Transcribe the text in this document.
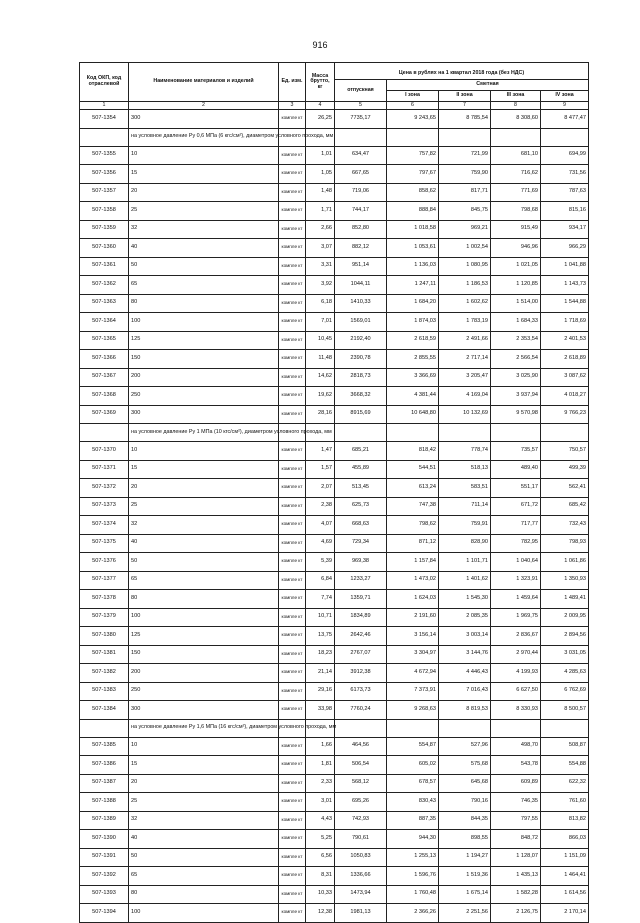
916
Код ОКП, код отраслевой	Наименование материалов и изделий	Ед. изм.	Масса брутто, кг					
				Цена в рублях на 1 квартал 2018 года (без НДС)				
				отпускная	Сметная			
					I зона	II зона	III зона	IV зона
1	2	3	4	5	6	7	8	9
507-1354	300	компле кт	26,25	7735,17	9 243,65	8 785,54	8 308,60	8 477,47
	на условное давление Ру 0,6 МПа (6 кгс/см²), диаметром условного прохода, мм							
507-1355	10	компле кт	1,01	634,47	757,82	721,99	681,10	694,99
507-1356	15	компле кт	1,05	667,65	797,67	759,90	716,62	731,56
507-1357	20	компле кт	1,48	719,06	858,62	817,71	771,69	787,63
507-1358	25	компле кт	1,71	744,17	888,84	845,75	798,68	815,16
507-1359	32	компле кт	2,66	852,80	1 018,58	969,21	915,49	934,17
507-1360	40	компле кт	3,07	882,12	1 053,61	1 002,54	946,96	966,29
507-1361	50	компле кт	3,31	951,14	1 136,03	1 080,95	1 021,05	1 041,88
507-1362	65	компле кт	3,92	1044,11	1 247,11	1 186,53	1 120,85	1 143,73
507-1363	80	компле кт	6,18	1410,33	1 684,20	1 602,62	1 514,00	1 544,88
507-1364	100	компле кт	7,01	1569,01	1 874,03	1 783,19	1 684,33	1 718,69
507-1365	125	компле кт	10,45	2192,40	2 618,59	2 491,66	2 353,54	2 401,53
507-1366	150	компле кт	11,48	2390,78	2 855,55	2 717,14	2 566,54	2 618,89
507-1367	200	компле кт	14,62	2818,73	3 366,69	3 205,47	3 025,90	3 087,62
507-1368	250	компле кт	19,62	3668,32	4 381,44	4 169,04	3 937,94	4 018,27
507-1369	300	компле кт	28,16	8915,69	10 648,80	10 132,69	9 570,98	9 766,23
	на условное давление Ру 1 МПа (10 кгс/см²), диаметром условного прохода, мм							
507-1370	10	компле кт	1,47	685,21	818,42	778,74	735,57	750,57
507-1371	15	компле кт	1,57	455,89	544,51	518,13	489,40	499,39
507-1372	20	компле кт	2,07	513,45	613,24	583,51	551,17	562,41
507-1373	25	компле кт	2,38	625,73	747,38	711,14	671,72	685,42
507-1374	32	компле кт	4,07	668,63	798,62	759,91	717,77	732,43
507-1375	40	компле кт	4,69	729,34	871,12	828,90	782,95	798,93
507-1376	50	компле кт	5,39	969,38	1 157,84	1 101,71	1 040,64	1 061,86
507-1377	65	компле кт	6,84	1233,27	1 473,02	1 401,62	1 323,91	1 350,93
507-1378	80	компле кт	7,74	1359,71	1 624,03	1 545,30	1 459,64	1 489,41
507-1379	100	компле кт	10,71	1834,89	2 191,60	2 085,35	1 969,75	2 009,95
507-1380	125	компле кт	13,75	2642,46	3 156,14	3 003,14	2 836,67	2 894,56
507-1381	150	компле кт	18,23	2767,07	3 304,97	3 144,76	2 970,44	3 031,05
507-1382	200	компле кт	21,14	3912,38	4 672,94	4 446,43	4 199,93	4 285,63
507-1383	250	компле кт	29,16	6173,73	7 373,91	7 016,43	6 627,50	6 762,69
507-1384	300	компле кт	33,98	7760,24	9 268,63	8 819,53	8 330,93	8 500,57
	на условное давление Ру 1,6 МПа (16 кгс/см²), диаметром условного прохода, мм							
507-1385	10	компле кт	1,66	464,56	554,87	527,96	498,70	508,87
507-1386	15	компле кт	1,81	506,54	605,02	575,68	543,78	554,88
507-1387	20	компле кт	2,33	568,12	678,57	645,68	609,89	622,32
507-1388	25	компле кт	3,01	695,26	830,43	790,16	746,35	761,60
507-1389	32	компле кт	4,43	742,93	887,35	844,35	797,55	813,82
507-1390	40	компле кт	5,25	790,61	944,30	898,55	848,72	866,03
507-1391	50	компле кт	6,56	1050,83	1 255,13	1 194,27	1 128,07	1 151,09
507-1392	65	компле кт	8,31	1336,66	1 596,76	1 519,36	1 435,13	1 464,41
507-1393	80	компле кт	10,33	1473,94	1 760,48	1 675,14	1 582,28	1 614,56
507-1394	100	компле кт	12,38	1981,13	2 366,26	2 251,56	2 126,75	2 170,14
